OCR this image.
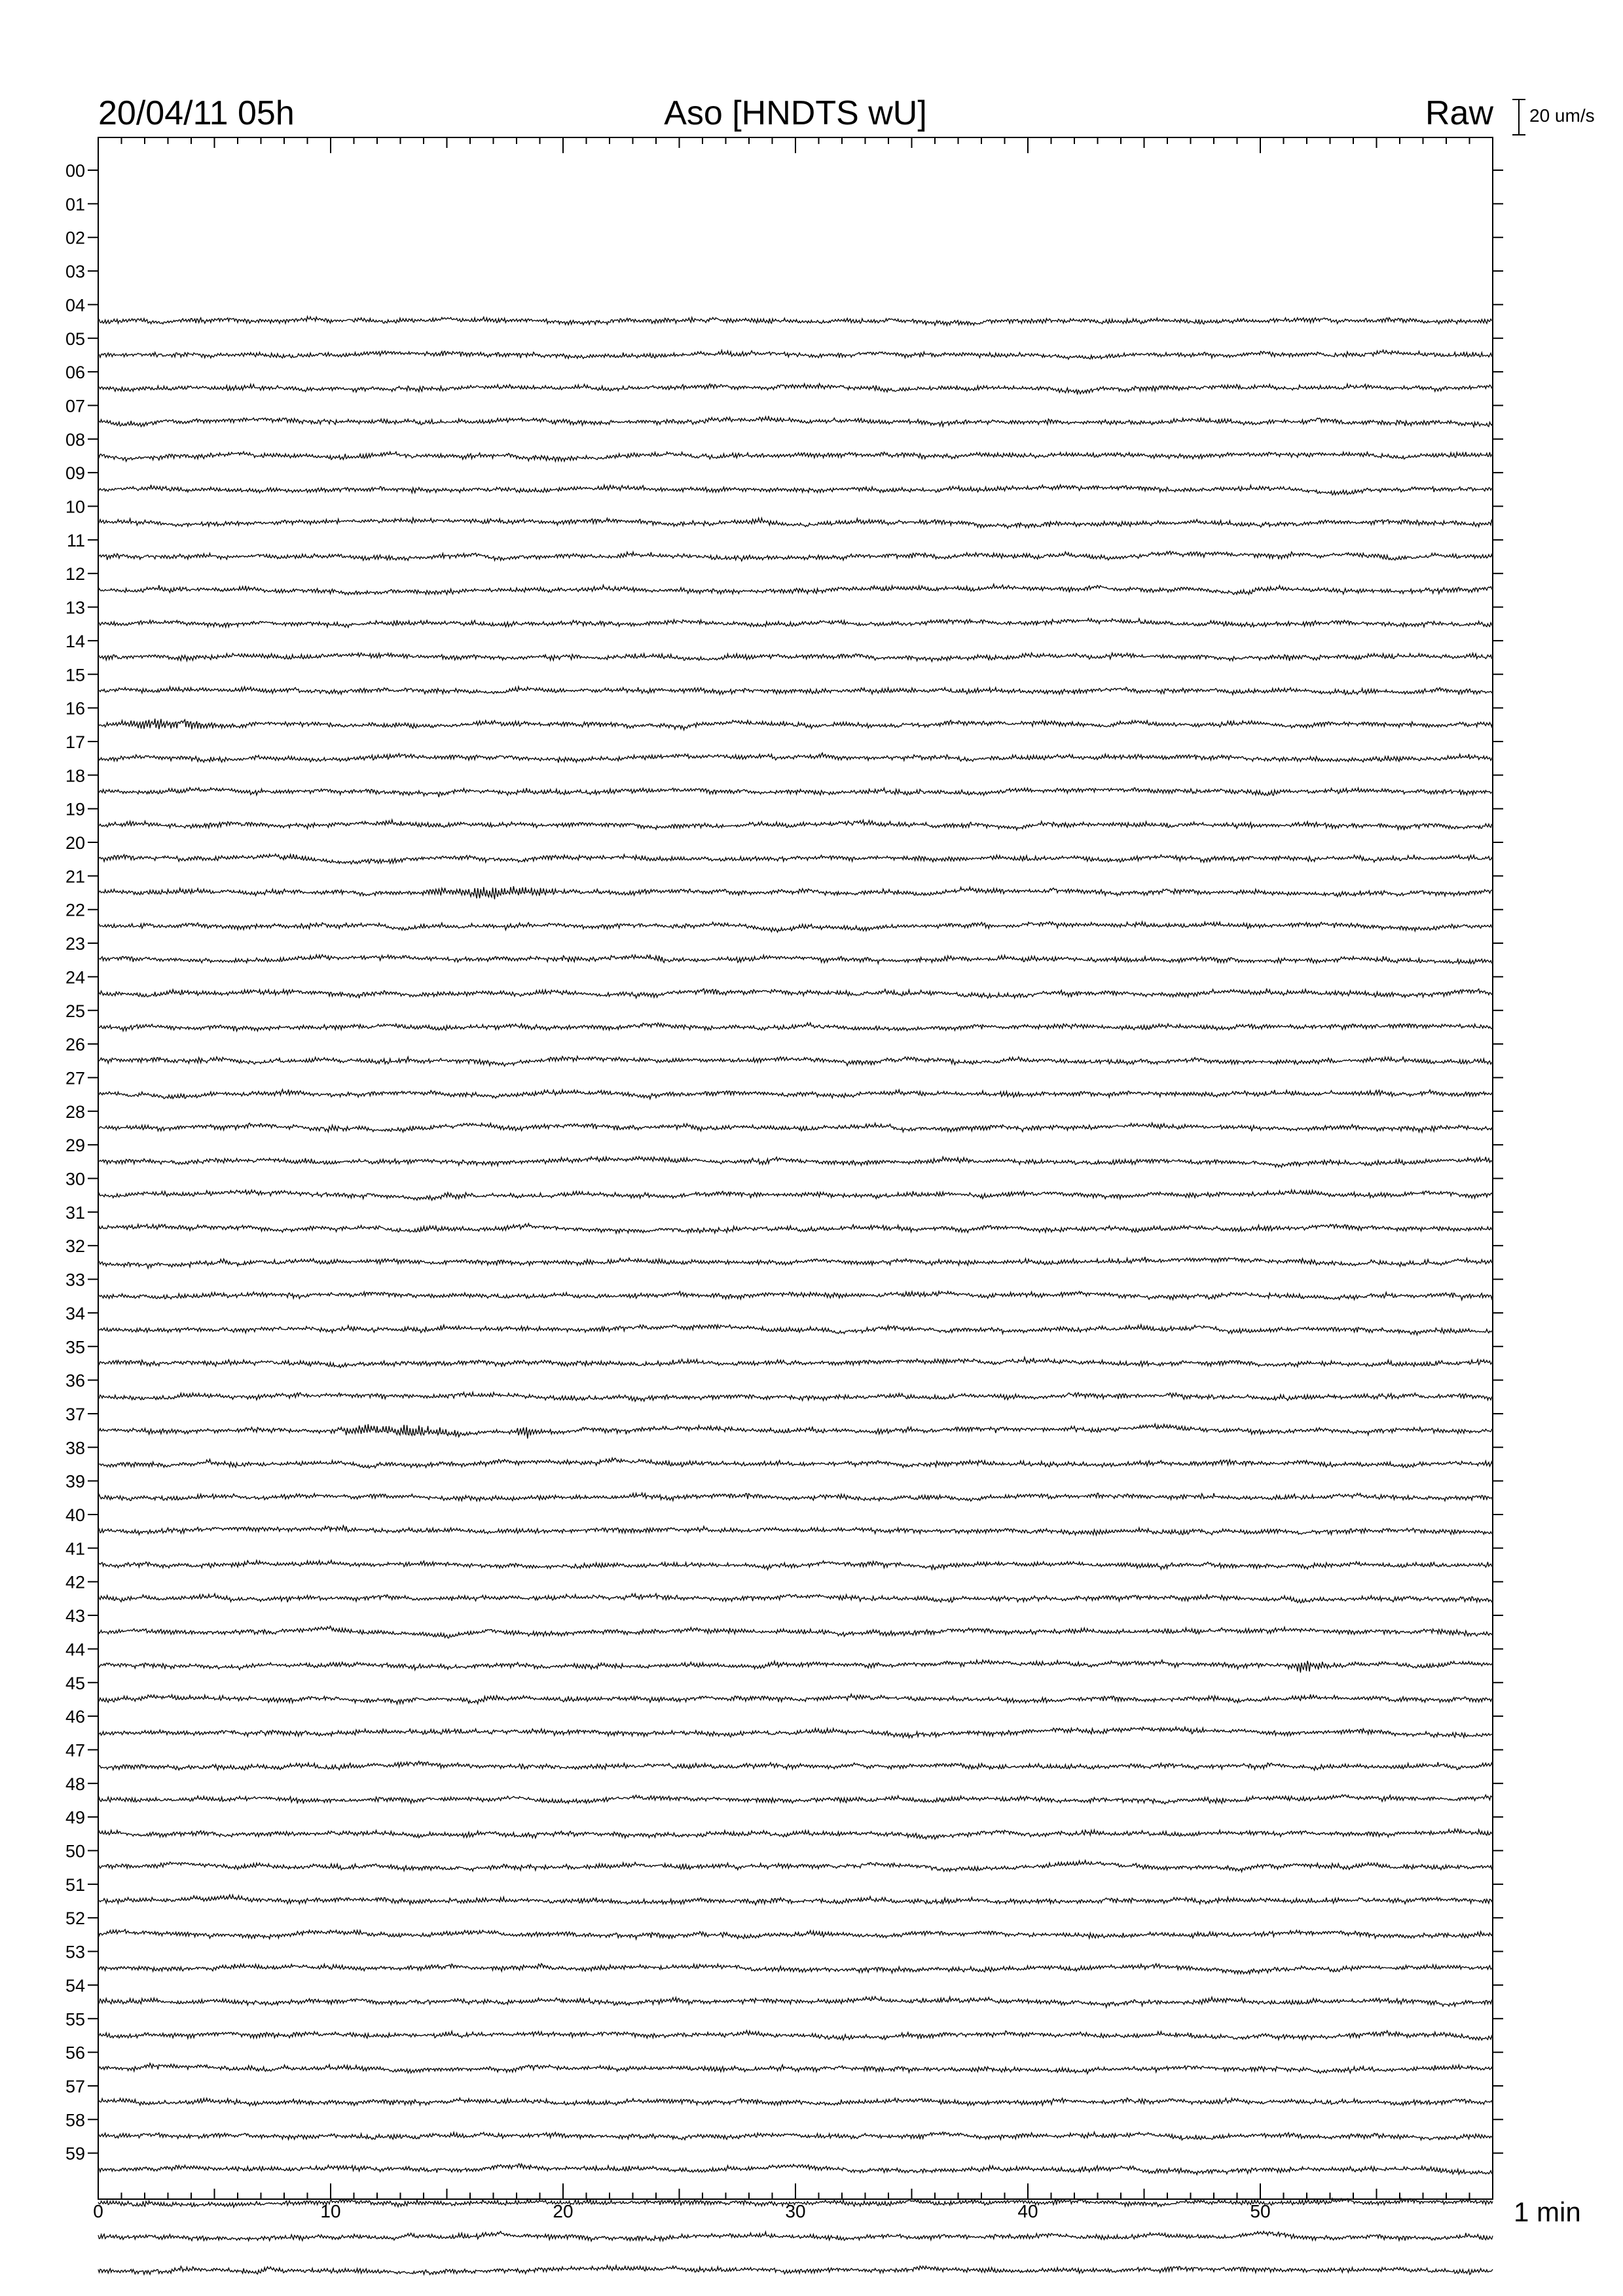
20/04/11 05h	Aso [HNDTS wU]	Raw 20 um/s
0	10	20	30	40	50
00
01
02
03
04
05
06
07
08
09
10
11
12
13
14
15
16
17
18
19
20
21
22
23
24
25
26
27
28
29
30
31
32
33
34
35
36
37
38
39
40
41
42
43
44
45
46
47
48
49
50
51
52
53
54
55
56
57
58
59
1 min
